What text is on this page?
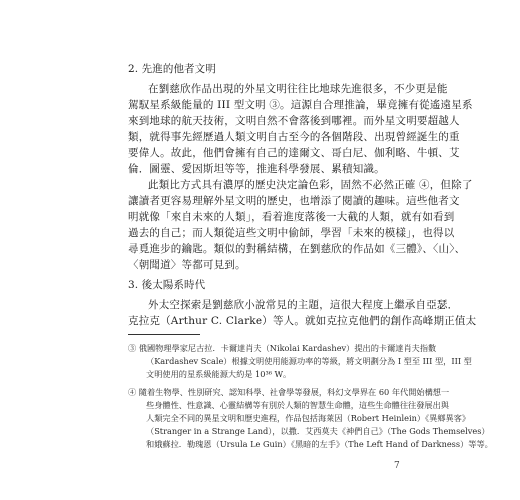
2. 先進的他者文明
在劉慈欣作品出現的外星文明往往比地球先進很多，不少更是能
駕馭星系級能量的 III 型文明 ③。這源自合理推論，畢竟擁有從遙遠星系
來到地球的航天技術，文明自然不會落後到哪裡。而外星文明要超越人
類，就得事先經歷過人類文明自古至今的各個階段、出現曾經誕生的重
要偉人。故此，他們會擁有自己的達爾文、哥白尼、伽利略、牛頓、艾
倫．圖靈、愛因斯坦等等，推進科學發展、累積知識。
此類比方式具有濃厚的歷史決定論色彩，固然不必然正確 ④，但除了
讓讀者更容易理解外星文明的歷史，也增添了閱讀的趣味。這些他者文
明就像「來自未來的人類」，看着進度落後一大截的人類，就有如看到
過去的自己；而人類從這些文明中偷師，學習「未來的模樣」，也得以
尋覓進步的鑰匙。類似的對稱結構，在劉慈欣的作品如《三體》、〈山〉、
〈朝聞道〉等都可見到。
3. 後太陽系時代
外太空探索是劉慈欣小說常見的主題，這很大程度上繼承自亞瑟．
克拉克（Arthur C. Clarke）等人。就如克拉克他們的創作高峰期正值太
③ 俄國物理學家尼古拉．卡爾達肖夫（Nikolai Kardashev）提出的卡爾達肖夫指數
（Kardashev Scale）根據文明使用能源功率的等級，將文明劃分為 I 型至 III 型，III 型
文明使用的星系級能源大約是 10³⁶ W。
④ 隨着生物學、性別研究、認知科學、社會學等發展，科幻文學界在 60 年代開始構想一
些身體性、性意識、心靈結構等有別於人類的智慧生命體，這些生命體往往發展出與
人類完全不同的異星文明和歷史進程，作品包括海萊因（Robert Heinlein）《異鄉異客》
（Stranger in a Strange Land），以撒．艾西莫夫《神們自己》（The Gods Themselves）
和娥蘇拉．勒瑰恩（Ursula Le Guin）《黑暗的左手》（The Left Hand of Darkness）等等。
7
